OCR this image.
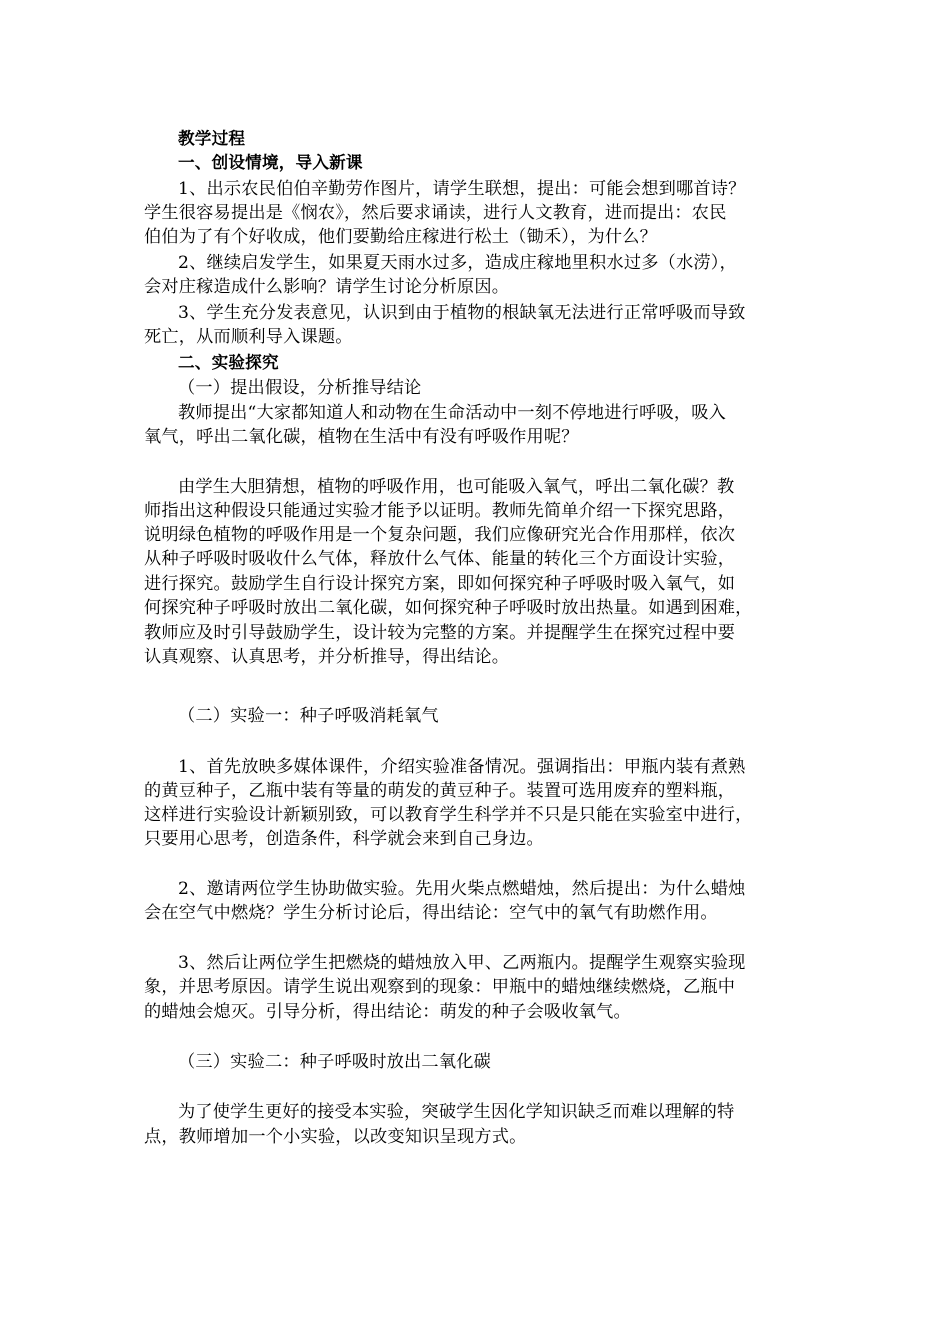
教学过程
一、创设情境，导入新课
1、出示农民伯伯辛勤劳作图片，请学生联想，提出：可能会想到哪首诗？
学生很容易提出是《悯农》，然后要求诵读，进行人文教育，进而提出：农民
伯伯为了有个好收成，他们要勤给庄稼进行松土（锄禾），为什么？
2、继续启发学生，如果夏天雨水过多，造成庄稼地里积水过多（水涝），
会对庄稼造成什么影响？请学生讨论分析原因。
3、学生充分发表意见，认识到由于植物的根缺氧无法进行正常呼吸而导致
死亡，从而顺利导入课题。
二、实验探究
（一）提出假设，分析推导结论
教师提出“大家都知道人和动物在生命活动中一刻不停地进行呼吸，吸入
氧气，呼出二氧化碳，植物在生活中有没有呼吸作用呢？
由学生大胆猜想，植物的呼吸作用，也可能吸入氧气，呼出二氧化碳？教
师指出这种假设只能通过实验才能予以证明。教师先简单介绍一下探究思路，
说明绿色植物的呼吸作用是一个复杂问题，我们应像研究光合作用那样，依次
从种子呼吸时吸收什么气体，释放什么气体、能量的转化三个方面设计实验，
进行探究。鼓励学生自行设计探究方案，即如何探究种子呼吸时吸入氧气，如
何探究种子呼吸时放出二氧化碳，如何探究种子呼吸时放出热量。如遇到困难，
教师应及时引导鼓励学生，设计较为完整的方案。并提醒学生在探究过程中要
认真观察、认真思考，并分析推导，得出结论。
（二）实验一：种子呼吸消耗氧气
1、首先放映多媒体课件，介绍实验准备情况。强调指出：甲瓶内装有煮熟
的黄豆种子，乙瓶中装有等量的萌发的黄豆种子。装置可选用废弃的塑料瓶，
这样进行实验设计新颖别致，可以教育学生科学并不只是只能在实验室中进行，
只要用心思考，创造条件，科学就会来到自己身边。
2、邀请两位学生协助做实验。先用火柴点燃蜡烛，然后提出：为什么蜡烛
会在空气中燃烧？学生分析讨论后，得出结论：空气中的氧气有助燃作用。
3、然后让两位学生把燃烧的蜡烛放入甲、乙两瓶内。提醒学生观察实验现
象，并思考原因。请学生说出观察到的现象：甲瓶中的蜡烛继续燃烧，乙瓶中
的蜡烛会熄灭。引导分析，得出结论：萌发的种子会吸收氧气。
（三）实验二：种子呼吸时放出二氧化碳
为了使学生更好的接受本实验，突破学生因化学知识缺乏而难以理解的特
点，教师增加一个小实验，以改变知识呈现方式。
